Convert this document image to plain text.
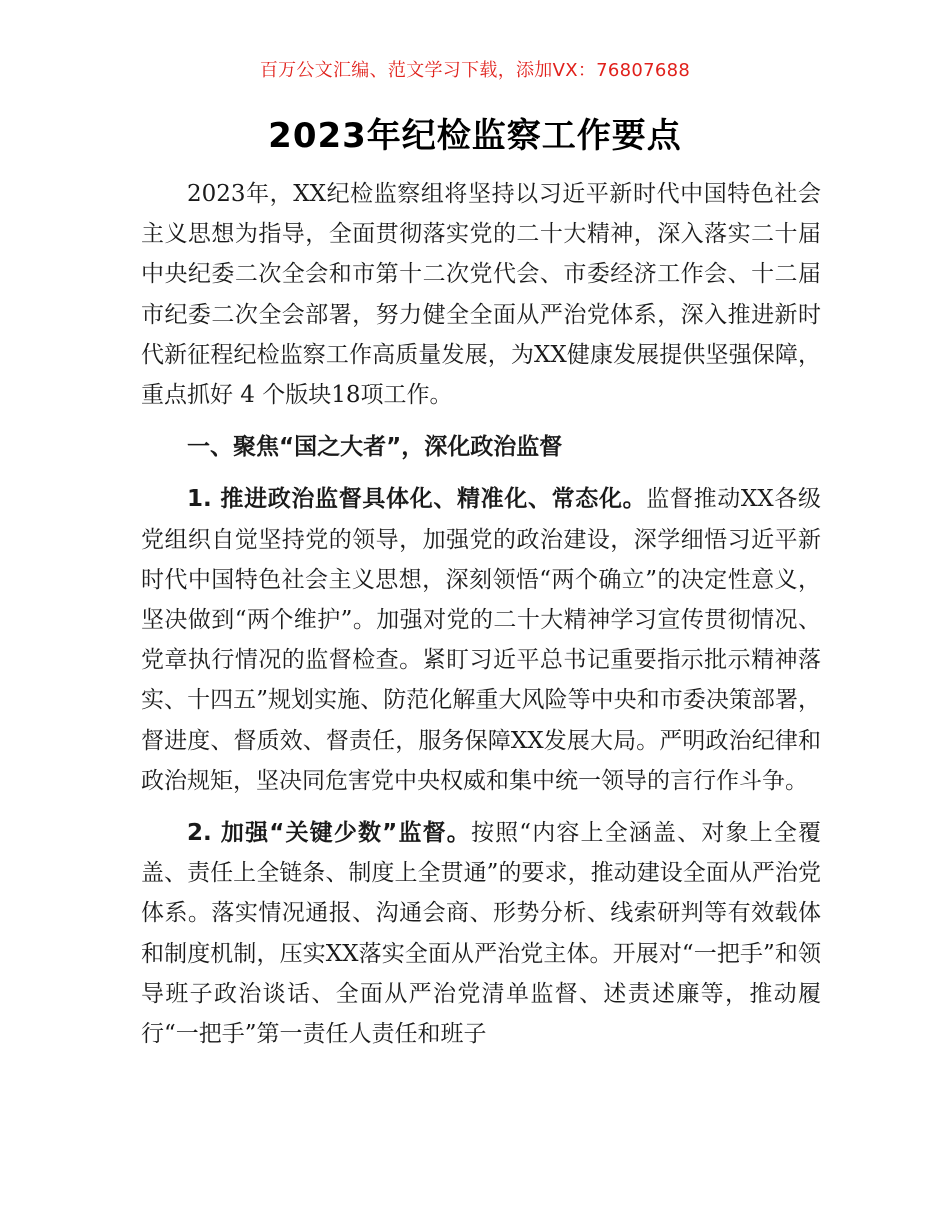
百万公文汇编、范文学习下载，添加VX：76807688
2023年纪检监察工作要点

2023年，XX纪检监察组将坚持以习近平新时代中国特色社会主义思想为指导，全面贯彻落实党的二十大精神，深入落实二十届中央纪委二次全会和市第十二次党代会、市委经济工作会、十二届市纪委二次全会部署，努力健全全面从严治党体系，深入推进新时代新征程纪检监察工作高质量发展，为XX健康发展提供坚强保障，重点抓好 4 个版块18项工作。

一、聚焦“国之大者”，深化政治监督

1. 推进政治监督具体化、精准化、常态化。监督推动XX各级党组织自觉坚持党的领导，加强党的政治建设，深学细悟习近平新时代中国特色社会主义思想，深刻领悟“两个确立”的决定性意义，坚决做到“两个维护”。加强对党的二十大精神学习宣传贯彻情况、党章执行情况的监督检查。紧盯习近平总书记重要指示批示精神落实、十四五”规划实施、防范化解重大风险等中央和市委决策部署，督进度、督质效、督责任，服务保障XX发展大局。严明政治纪律和政治规矩，坚决同危害党中央权威和集中统一领导的言行作斗争。

2. 加强“关键少数”监督。按照“内容上全涵盖、对象上全覆盖、责任上全链条、制度上全贯通”的要求，推动建设全面从严治党体系。落实情况通报、沟通会商、形势分析、线索研判等有效载体和制度机制，压实XX落实全面从严治党主体。开展对“一把手”和领导班子政治谈话、全面从严治党清单监督、述责述廉等，推动履行“一把手”第一责任人责任和班子
